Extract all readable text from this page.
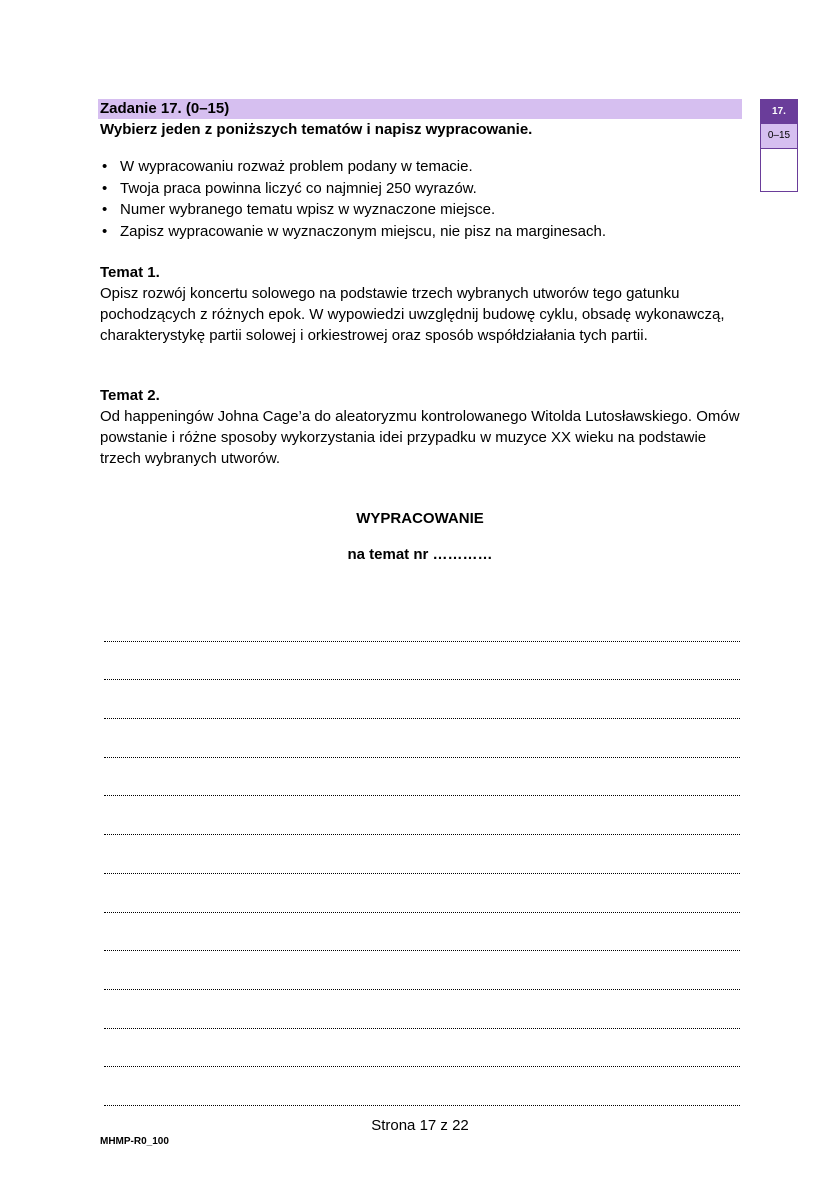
Zadanie 17. (0–15)
Wybierz jeden z poniższych tematów i napisz wypracowanie.
17.
0–15
• W wypracowaniu rozważ problem podany w temacie.
• Twoja praca powinna liczyć co najmniej 250 wyrazów.
• Numer wybranego tematu wpisz w wyznaczone miejsce.
• Zapisz wypracowanie w wyznaczonym miejscu, nie pisz na marginesach.
Temat 1.
Opisz rozwój koncertu solowego na podstawie trzech wybranych utworów tego gatunku pochodzących z różnych epok. W wypowiedzi uwzględnij budowę cyklu, obsadę wykonawczą, charakterystykę partii solowej i orkiestrowej oraz sposób współdziałania tych partii.
Temat 2.
Od happeningów Johna Cage’a do aleatoryzmu kontrolowanego Witolda Lutosławskiego. Omów powstanie i różne sposoby wykorzystania idei przypadku w muzyce XX wieku na podstawie trzech wybranych utworów.
WYPRACOWANIE
na temat nr …………
Strona 17 z 22
MHMP-R0_100
